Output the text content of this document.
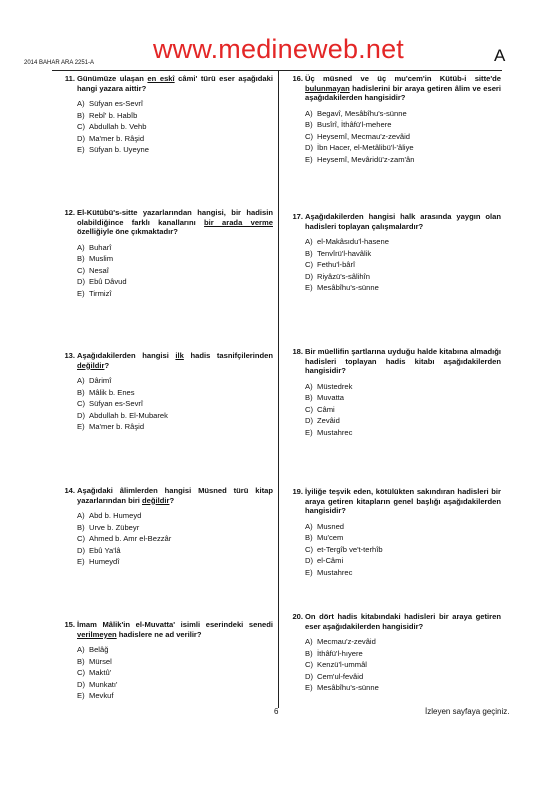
2014 BAHAR ARA 2251-A	www.medineweb.net	A
11. Günümüze ulaşan en eskî câmi' türü eser aşağıdaki hangi yazara aittir?
A) Süfyan es-Sevrî
B) Rebî' b. Habîb
C) Abdullah b. Vehb
D) Ma'mer b. Râşid
E) Süfyan b. Uyeyne
12. El-Kütübü's-sitte yazarlarından hangisi, bir hadisin olabildiğince farklı kanallarını bir arada verme özelliğiyle öne çıkmaktadır?
A) Buharî
B) Muslim
C) Nesaî
D) Ebû Dâvud
E) Tirmizî
13. Aşağıdakilerden hangisi ilk hadis tasnifçilerinden değildir?
A) Dârimî
B) Mâlik b. Enes
C) Süfyan es-Sevrî
D) Abdullah b. El-Mubarek
E) Ma'mer b. Râşid
14. Aşağıdaki âlimlerden hangisi Müsned türü kitap yazarlarından biri değildir?
A) Abd b. Humeyd
B) Urve b. Zübeyr
C) Ahmed b. Amr el-Bezzâr
D) Ebû Ya'lâ
E) Humeydî
15. İmam Mâlik'in el-Muvatta' isimli eserindeki senedi verilmeyen hadislere ne ad verilir?
A) Belâğ
B) Mürsel
C) Maktû'
D) Munkatı'
E) Mevkuf
16. Üç müsned ve üç mu'cem'in Kütüb-i sitte'de bulunmayan hadislerini bir araya getiren âlim ve eseri aşağıdakilerden hangisidir?
A) Begavî, Mesâbîhu's-sünne
B) Busîrî, İthâfü'l-mehere
C) Heysemî, Mecmau'z-zevâid
D) İbn Hacer, el-Metâlibü'l-'âliye
E) Heysemî, Mevâridü'z-zam'ân
17. Aşağıdakilerden hangisi halk arasında yaygın olan hadisleri toplayan çalışmalardır?
A) el-Makâsıdu'l-hasene
B) Tenvîrü'l-havâlik
C) Fethu'l-bârî
D) Riyâzü's-sâlihîn
E) Mesâbîhu's-sünne
18. Bir müellifin şartlarına uyduğu halde kitabına almadığı hadisleri toplayan hadis kitabı aşağıdakilerden hangisidir?
A) Müstedrek
B) Muvatta
C) Câmi
D) Zevâid
E) Mustahrec
19. İyiliğe teşvik eden, kötülükten sakındıran hadisleri bir araya getiren kitapların genel başlığı aşağıdakilerden hangisidir?
A) Musned
B) Mu'cem
C) et-Tergîb ve't-terhîb
D) el-Câmi
E) Mustahrec
20. On dört hadis kitabındaki hadisleri bir araya getiren eser aşağıdakilerden hangisidir?
A) Mecmau'z-zevâid
B) İthâfü'l-hıyere
C) Kenzü'l-ummâl
D) Cem'ul-fevâid
E) Mesâbîhu's-sünne
6	İzleyen sayfaya geçiniz.
